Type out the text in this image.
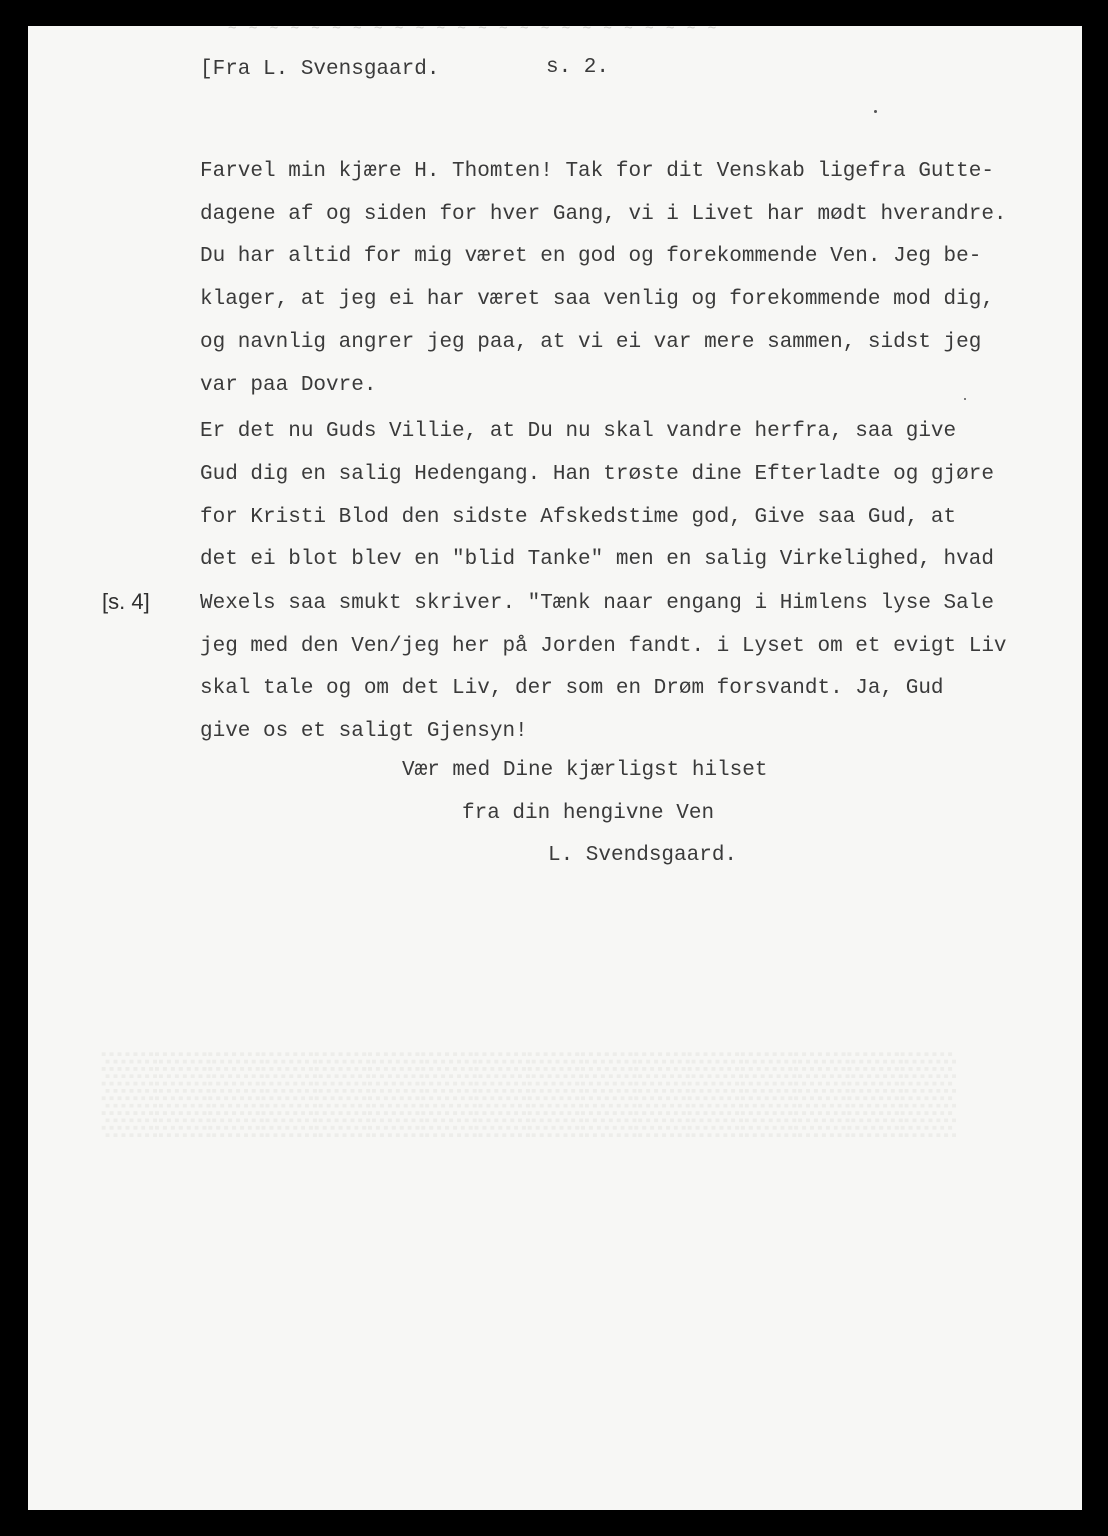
~ ~ ~ ~ ~ ~ ~ ~ ~ ~ ~ ~ ~ ~ ~ ~ ~ ~ ~ ~ ~ ~ ~ ~
▒▒▒▒▒▒▒▒▒▒▒▒▒▒▒▒
[Fra L. Svensgaard.	s. 2.
Farvel min kjære H. Thomten! Tak for dit Venskab ligefra Gutte-
dagene af og siden for hver Gang, vi i Livet har mødt hverandre.
Du har altid for mig været en god og forekommende Ven. Jeg be-
klager, at jeg ei har været saa venlig og forekommende mod dig,
og navnlig angrer jeg paa, at vi ei var mere sammen, sidst jeg
var paa Dovre.
Er det nu Guds Villie, at Du nu skal vandre herfra, saa give
Gud dig en salig Hedengang. Han trøste dine Efterladte og gjøre
for Kristi Blod den sidste Afskedstime god, Give saa Gud, at
det ei blot blev en "blid Tanke" men en salig Virkelighed, hvad
[s. 4] Wexels saa smukt skriver. "Tænk naar engang i Himlens lyse Sale
jeg med den Ven/jeg her på Jorden fandt. i Lyset om et evigt Liv
skal tale og om det Liv, der som en Drøm forsvandt. Ja, Gud
give os et saligt Gjensyn!
Vær med Dine kjærligst hilset
fra din hengivne Ven
L. Svendsgaard.
